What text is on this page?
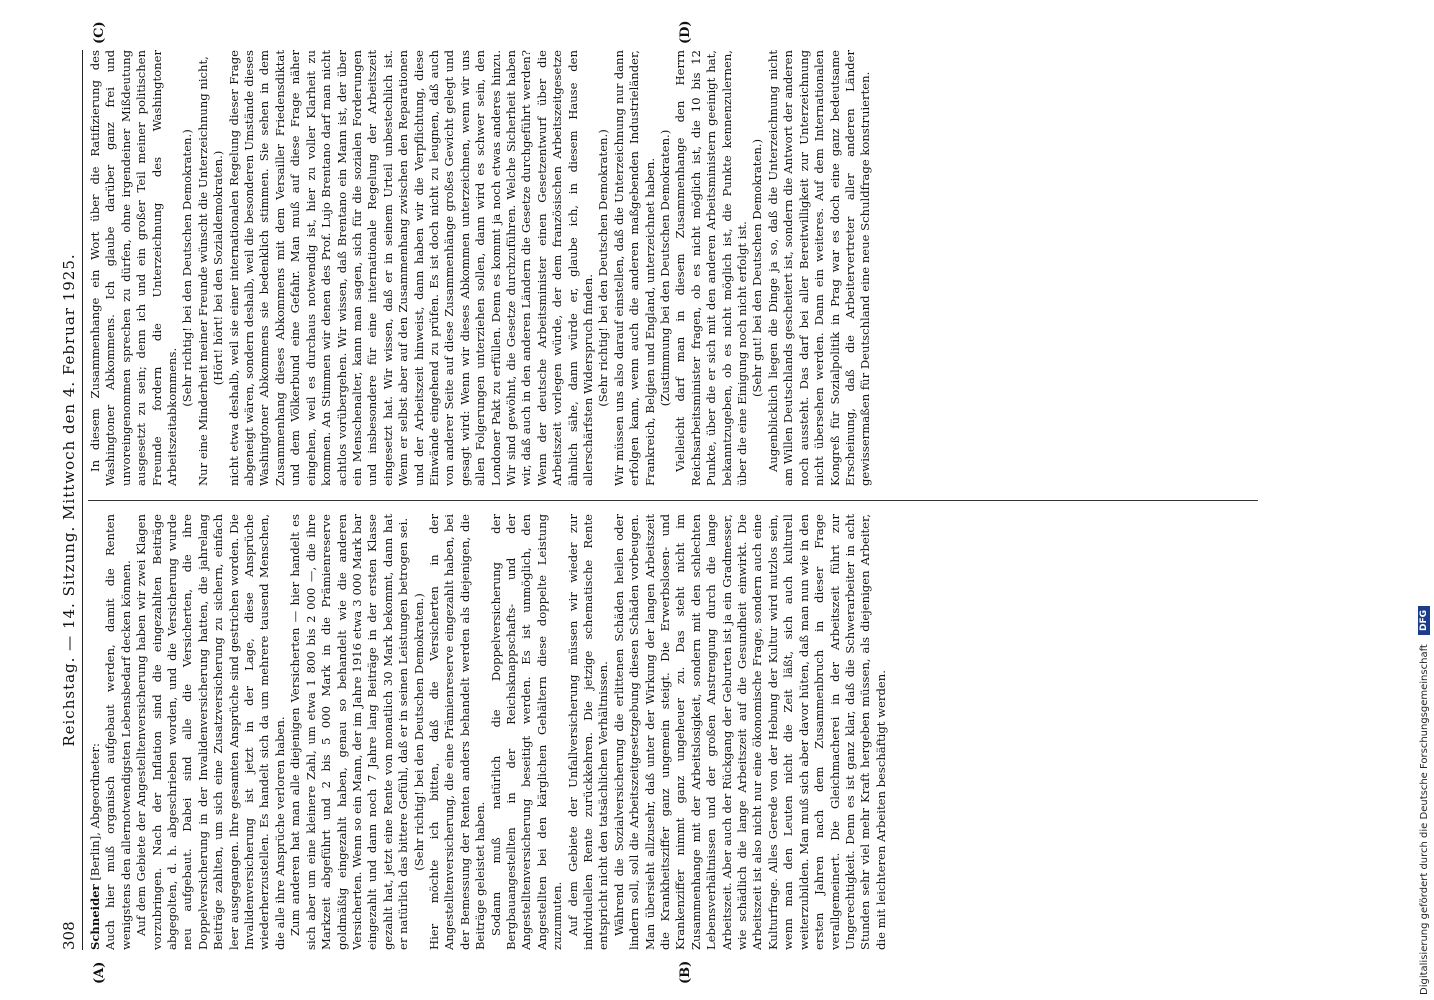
308
Reichstag. — 14. Sitzung. Mittwoch den 4. Februar 1925.

Schneider [Berlin], Abgeordneter: Auch hier muß organisch aufgebaut werden, damit die Renten wenigstens den allernotwendigsten Lebensbedarf decken können. Auf dem Gebiete der Angestelltenversicherung haben wir zwei Klagen vorzubringen. Nach der Inflation sind die eingezahlten Beiträge abgegolten, d. h. abgeschrieben worden, und die Versicherung wurde neu aufgebaut. Dabei sind alle die Versicherten, die ihre Doppelversicherung in der Invalidenversicherung hatten, die jahrelang Beiträge zahlten, um sich eine Zusatzversicherung zu sichern, einfach leer ausgegangen. Ihre gesamten Ansprüche sind gestrichen worden. Die Invalidenversicherung ist jetzt in der Lage, diese Ansprüche wiederherzustellen. Es handelt sich da um mehrere tausend Menschen, die alle ihre Ansprüche verloren haben. Zum anderen hat man alle diejenigen Versicherten — hier handelt es sich aber um eine kleinere Zahl, um etwa 1 800 bis 2 000 —, die ihre Markzeit abgeführt und 2 bis 5 000 Mark in die Prämienreserve goldmäßig eingezahlt haben, genau so behandelt wie die anderen Versicherten. Wenn so ein Mann, der im Jahre 1916 etwa 3 000 Mark bar eingezahlt und dann noch 7 Jahre lang Beiträge in der ersten Klasse gezahlt hat, jetzt eine Rente von monatlich 30 Mark bekommt, dann hat er natürlich das bittere Gefühl, daß er in seinen Leistungen betrogen sei. (Sehr richtig! bei den Deutschen Demokraten.) Hier möchte ich bitten, daß die Versicherten in der Angestelltenversicherung, die eine Prämienreserve eingezahlt haben, bei der Bemessung der Renten anders behandelt werden als diejenigen, die Beiträge geleistet haben. Sodann muß natürlich die Doppelversicherung der Bergbauangestellten in der Reichsknappschafts- und der Angestelltenversicherung beseitigt werden. Es ist unmöglich, den Angestellten bei den kärglichen Gehältern diese doppelte Leistung zuzumuten. Auf dem Gebiete der Unfallversicherung müssen wir wieder zur individuellen Rente zurückkehren. Die jetzige schematische Rente entspricht nicht den tatsächlichen Verhältnissen. Während die Sozialversicherung die erlittenen Schäden heilen oder lindern soll, soll die Arbeitszeitgesetzgebung diesen Schäden vorbeugen. Man übersieht allzusehr, daß unter der Wirkung der langen Arbeitszeit die Krankheitsziffer ganz ungemein steigt. Die Erwerbslosen- und Krankenziffer nimmt ganz ungeheuer zu. Das steht nicht im Zusammenhange mit der Arbeitslosigkeit, sondern mit den schlechten Lebensverhältnissen und der großen Anstrengung durch die lange Arbeitszeit. Aber auch der Rückgang der Geburten ist ja ein Gradmesser, wie schädlich die lange Arbeitszeit auf die Gesundheit einwirkt. Die Arbeitszeit ist also nicht nur eine ökonomische Frage, sondern auch eine Kulturfrage. Alles Gerede von der Hebung der Kultur wird nutzlos sein, wenn man den Leuten nicht die Zeit läßt, sich auch kulturell weiterzubilden. Man muß sich aber davor hüten, daß man nun wie in den ersten Jahren nach dem Zusammenbruch in dieser Frage verallgemeinert. Die Gleichmacherei in der Arbeitszeit führt zur Ungerechtigkeit. Denn es ist ganz klar, daß die Schwerarbeiter in acht Stunden sehr viel mehr Kraft hergeben müssen, als diejenigen Arbeiter, die mit leichteren Arbeiten beschäftigt werden.

In diesem Zusammenhange ein Wort über die Ratifizierung des Washingtoner Abkommens. Ich glaube darüber ganz frei und unvoreingenommen sprechen zu dürfen, ohne irgendeiner Mißdeutung ausgesetzt zu sein; denn ich und ein großer Teil meiner politischen Freunde fordern die Unterzeichnung des Washingtoner Arbeitszeitabkommens.

(Sehr richtig! bei den Deutschen Demokraten.) Nur eine Minderheit meiner Freunde wünscht die Unterzeichnung nicht, (Hört! hört! bei den Sozialdemokraten.) nicht etwa deshalb, weil sie einer internationalen Regelung dieser Frage abgeneigt wären, sondern deshalb, weil die besonderen Umstände dieses Washingtoner Abkommens sie bedenklich stimmen. Sie sehen in dem Zusammenhang dieses Abkommens mit dem Versailler Friedensdiktat und dem Völkerbund eine Gefahr. Man muß auf diese Frage näher eingehen, weil es durchaus notwendig ist, hier zu voller Klarheit zu kommen. An Stimmen wir denen des Prof. Lujo Brentano darf man nicht achtlos vorübergehen. Wir wissen, daß Brentano ein Mann ist, der über ein Menschenalter, kann man sagen, sich für die sozialen Forderungen und insbesondere für eine internationale Regelung der Arbeitszeit eingesetzt hat. Wir wissen, daß er in seinem Urteil unbestechlich ist. Wenn er selbst aber auf den Zusammenhang zwischen den Reparationen und der Arbeitszeit hinweist, dann haben wir die Verpflichtung, diese Einwände eingehend zu prüfen. Es ist doch nicht zu leugnen, daß auch von anderer Seite auf diese Zusammenhänge großes Gewicht gelegt und gesagt wird: Wenn wir dieses Abkommen unterzeichnen, wenn wir uns allen Folgerungen unterziehen sollen, dann wird es schwer sein, den Londoner Pakt zu erfüllen. Denn es kommt ja noch etwas anderes hinzu. Wir sind gewöhnt, die Gesetze durchzuführen. Welche Sicherheit haben wir, daß auch in den anderen Ländern die Gesetze durchgeführt werden? Wenn der deutsche Arbeitsminister einen Gesetzentwurf über die Arbeitszeit vorlegen würde, der dem französischen Arbeitszeitgesetze ähnlich sähe, dann würde er, glaube ich, in diesem Hause den allerschärfsten Widerspruch finden. (Sehr richtig! bei den Deutschen Demokraten.) Wir müssen uns also darauf einstellen, daß die Unterzeichnung nur dann erfolgen kann, wenn auch die anderen maßgebenden Industrieländer, Frankreich, Belgien und England, unterzeichnet haben. (Zustimmung bei den Deutschen Demokraten.) Vielleicht darf man in diesem Zusammenhange den Herrn Reichsarbeitsminister fragen, ob es nicht möglich ist, die 10 bis 12 Punkte, über die er sich mit den anderen Arbeitsministern geeinigt hat, bekanntzugeben, ob es nicht möglich ist, die Punkte kennenzulernen, über die eine Einigung noch nicht erfolgt ist. (Sehr gut! bei den Deutschen Demokraten.) Augenblicklich liegen die Dinge ja so, daß die Unterzeichnung nicht am Willen Deutschlands gescheitert ist, sondern die Antwort der anderen noch aussteht. Das darf bei aller Bereitwilligkeit zur Unterzeichnung nicht übersehen werden. Dann ein weiteres. Auf dem Internationalen Kongreß für Sozialpolitik in Prag war es doch eine ganz bedeutsame Erscheinung, daß die Arbeitervertreter aller anderen Länder gewissermaßen für Deutschland eine neue Schuldfrage konstruierten.

(A)	(B)
(C)	(D)
Digitalisierung gefördert durch die Deutsche Forschungsgemeinschaft DFG
